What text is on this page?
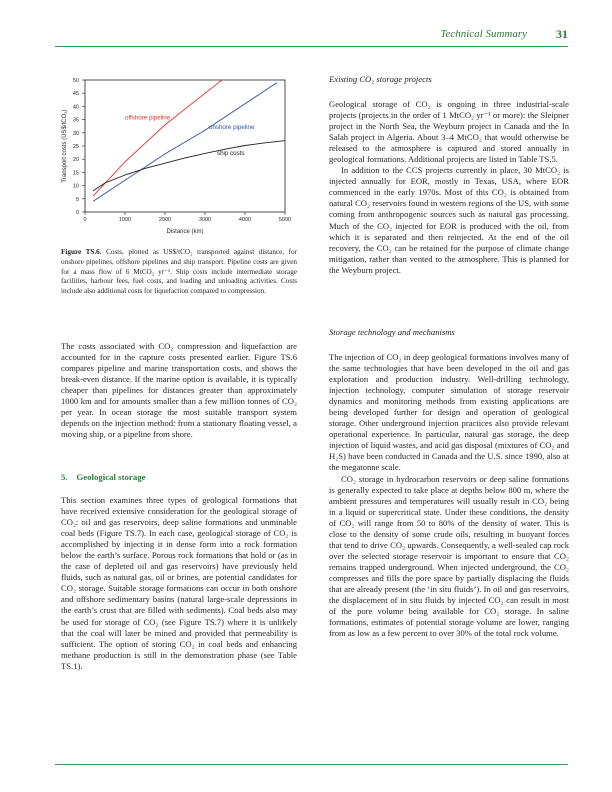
Technical Summary 31
0
5
10
15
20
25
30
35
40
45
50
0	1000	2000	3000	4000	5000
Distance (km)
Transport costs (US$/tCO₂)	offshore pipeline
onshore pipeline
ship costs
Figure TS.6. Costs, plotted as US$/tCO₂ transported against distance, for onshore pipelines, offshore pipelines and ship transport. Pipeline costs are given for a mass flow of 6 MtCO₂ yr⁻¹. Ship costs include intermediate storage facilities, harbour fees, fuel costs, and loading and unloading activities. Costs include also additional costs for liquefaction compared to compression.

The costs associated with CO₂ compression and liquefaction are accounted for in the capture costs presented earlier. Figure TS.6 compares pipeline and marine transportation costs, and shows the break-even distance. If the marine option is available, it is typically cheaper than pipelines for distances greater than approximately 1000 km and for amounts smaller than a few million tonnes of CO₂ per year. In ocean storage the most suitable transport system depends on the injection method: from a stationary floating vessel, a moving ship, or a pipeline from shore.

5.    Geological storage

This section examines three types of geological formations that have received extensive consideration for the geological storage of CO₂: oil and gas reservoirs, deep saline formations and unminable coal beds (Figure TS.7). In each case, geological storage of CO₂ is accomplished by injecting it in dense form into a rock formation below the earth’s surface. Porous rock formations that hold or (as in the case of depleted oil and gas reservoirs) have previously held fluids, such as natural gas, oil or brines, are potential candidates for CO₂ storage. Suitable storage formations can occur in both onshore and offshore sedimentary basins (natural large-scale depressions in the earth’s crust that are filled with sediments). Coal beds also may be used for storage of CO₂ (see Figure TS.7) where it is unlikely that the coal will later be mined and provided that permeability is sufficient. The option of storing CO₂ in coal beds and enhancing methane production is still in the demonstration phase (see Table TS.1).

Existing CO₂ storage projects

Geological storage of CO₂ is ongoing in three industrial-scale projects (projects in the order of 1 MtCO₂ yr⁻¹ or more): the Sleipner project in the North Sea, the Weyburn project in Canada and the In Salah project in Algeria. About 3–4 MtCO₂ that would otherwise be released to the atmosphere is captured and stored annually in geological formations. Additional projects are listed in Table TS.5.

In addition to the CCS projects currently in place, 30 MtCO₂ is injected annually for EOR, mostly in Texas, USA, where EOR commenced in the early 1970s. Most of this CO₂ is obtained from natural CO₂ reservoirs found in western regions of the US, with some coming from anthropogenic sources such as natural gas processing. Much of the CO₂ injected for EOR is produced with the oil, from which it is separated and then reinjected. At the end of the oil recovery, the CO₂ can be retained for the purpose of climate change mitigation, rather than vented to the atmosphere. This is planned for the Weyburn project.

Storage technology and mechanisms

The injection of CO₂ in deep geological formations involves many of the same technologies that have been developed in the oil and gas exploration and production industry. Well-drilling technology, injection technology, computer simulation of storage reservoir dynamics and monitoring methods from existing applications are being developed further for design and operation of geological storage. Other underground injection practices also provide relevant operational experience. In particular, natural gas storage, the deep injection of liquid wastes, and acid gas disposal (mixtures of CO₂ and H₂S) have been conducted in Canada and the U.S. since 1990, also at the megatonne scale.

CO₂ storage in hydrocarbon reservoirs or deep saline formations is generally expected to take place at depths below 800 m, where the ambient pressures and temperatures will usually result in CO₂ being in a liquid or supercritical state. Under these conditions, the density of CO₂ will range from 50 to 80% of the density of water. This is close to the density of some crude oils, resulting in buoyant forces that tend to drive CO₂ upwards. Consequently, a well-sealed cap rock over the selected storage reservoir is important to ensure that CO₂ remains trapped underground. When injected underground, the CO₂ compresses and fills the pore space by partially displacing the fluids that are already present (the ‘in situ fluids’). In oil and gas reservoirs, the displacement of in situ fluids by injected CO₂ can result in most of the pore volume being available for CO₂ storage. In saline formations, estimates of potential storage volume are lower, ranging from as low as a few percent to over 30% of the total rock volume.
